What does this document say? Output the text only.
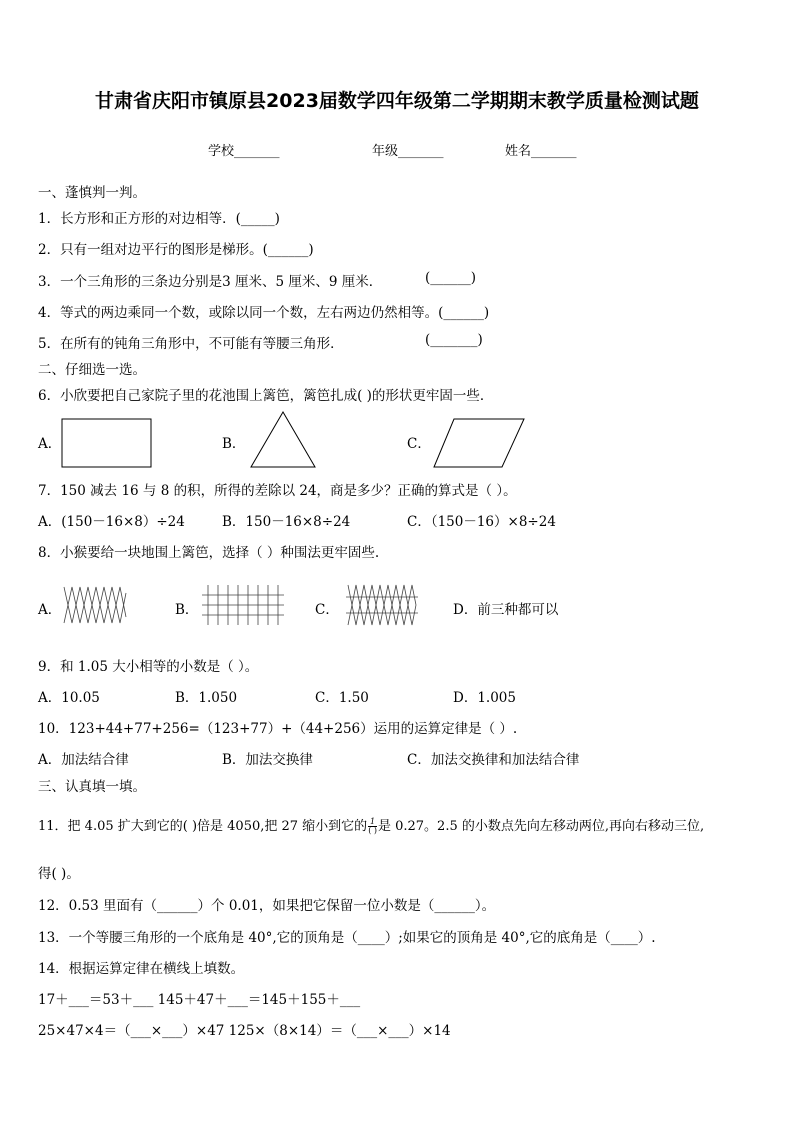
甘肃省庆阳市镇原县2023届数学四年级第二学期期末教学质量检测试题
学校_______	年级_______	姓名_______
一、蓬慎判一判。
1．长方形和正方形的对边相等．(_____)
2．只有一组对边平行的图形是梯形。(______)
3．一个三角形的三条边分别是3 厘米、5 厘米、9 厘米．	(______)
4．等式的两边乘同一个数，或除以同一个数，左右两边仍然相等。(______)
5．在所有的钝角三角形中，不可能有等腰三角形．	(_______)
二、仔细选一选。
6．小欣要把自己家院子里的花池围上篱笆，篱笆扎成( )的形状更牢固一些．
A．	B．	C．
7．150 减去 16 与 8 的积，所得的差除以 24，商是多少？正确的算式是（ ）。
A．(150－16×8）÷24	B．150－16×8÷24	C．（150－16）×8÷24
8．小猴要给一块地围上篱笆，选择（ ）种围法更牢固些.
A．	B．	C．	D．前三种都可以
9．和 1.05 大小相等的小数是（ ）。
A．10.05	B．1.050	C．1.50	D．1.005
10．123+44+77+256=（123+77）+（44+256）运用的运算定律是（ ）.
A．加法结合律	B．加法交换律	C．加法交换律和加法结合律
三、认真填一填。
11．把 4.05 扩大到它的( )倍是 4050,把 27 缩小到它的 $\frac{1}{( )}$ 是 0.27。2.5 的小数点先向左移动两位,再向右移动三位,
得( )。
12．0.53 里面有（______）个 0.01，如果把它保留一位小数是（______）。
13．一个等腰三角形的一个底角是 40°,它的顶角是（____）;如果它的顶角是 40°,它的底角是（____）.
14．根据运算定律在横线上填数。
17＋___＝53＋___ 145＋47＋___＝145＋155＋___
25×47×4＝（___×___）×47 125×（8×14）＝（___×___）×14
